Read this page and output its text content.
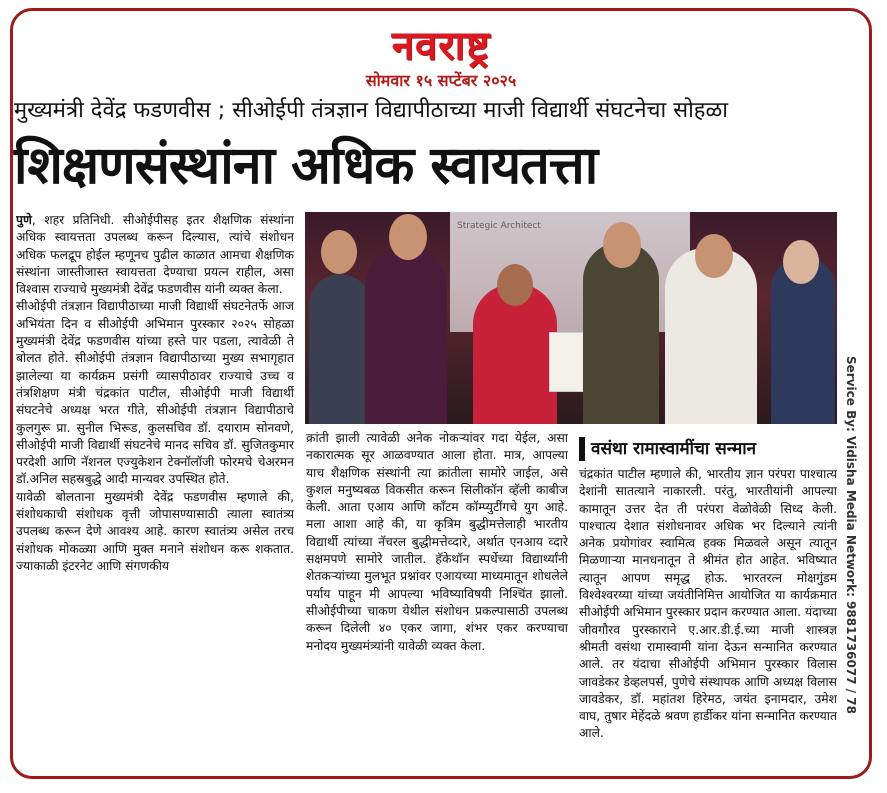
नवराष्ट्र
सोमवार १५ सप्टेंबर २०२५
मुख्यमंत्री देवेंद्र फडणवीस ; सीओईपी तंत्रज्ञान विद्यापीठाच्या माजी विद्यार्थी संघटनेचा सोहळा
शिक्षणसंस्थांना अधिक स्वायतत्ता

पुणे, शहर प्रतिनिधी. सीओईपीसह इतर शैक्षणिक संस्थांना अधिक स्वायत्तता उपलब्ध करून दिल्यास, त्यांचे संशोधन अधिक फलद्रूप होईल म्हणूनच पुढील काळात आमचा शैक्षणिक संस्थांना जास्तीजास्त स्वायत्तता देण्याचा प्रयत्न राहील, असा विश्वास राज्याचे मुख्यमंत्री देवेंद्र फडणवीस यांनी व्यक्त केला.

सीओईपी तंत्रज्ञान विद्यापीठाच्या माजी विद्यार्थी संघटनेतर्फे आज अभियंता दिन व सीओईपी अभिमान पुरस्कार २०२५ सोहळा मुख्यमंत्री देवेंद्र फडणवीस यांच्या हस्ते पार पडला, त्यावेळी ते बोलत होते. सीओईपी तंत्रज्ञान विद्यापीठाच्या मुख्य सभागृहात झालेल्या या कार्यक्रम प्रसंगी व्यासपीठावर राज्याचे उच्च व तंत्रशिक्षण मंत्री चंद्रकांत पाटील, सीओईपी माजी विद्यार्थी संघटनेचे अध्यक्ष भरत गीते, सीओईपी तंत्रज्ञान विद्यापीठाचे कुलगुरू प्रा. सुनील भिरूड, कुलसचिव डॉ. दयाराम सोनवणे, सीओईपी माजी विद्यार्थी संघटनेचे मानद सचिव डॉ. सुजितकुमार परदेशी आणि नॅशनल एज्युकेशन टेक्नॉलॉजी फोरमचे चेअरमन डॉ.अनिल सहस्रबुद्धे आदी मान्यवर उपस्थित होते.

यावेळी बोलताना मुख्यमंत्री देवेंद्र फडणवीस म्हणाले की, संशोधकाची संशोधक वृत्ती जोपासण्यासाठी त्याला स्वातंत्र्य उपलब्ध करून देणे आवश्य आहे. कारण स्वातंत्र्य असेल तरच संशोधक मोकळ्या आणि मुक्त मनाने संशोधन करू शकतात. ज्याकाळी इंटरनेट आणि संगणकीय

Strategic Architect

क्रांती झाली त्यावेळी अनेक नोकऱ्यांवर गदा येईल, असा नकारात्मक सूर आळवण्यात आला होता. मात्र, आपल्या याच शैक्षणिक संस्थांनी त्या क्रांतीला सामोरे जाईल, असे कुशल मनुष्यबळ विकसीत करून सिलीकॉन व्हॅली काबीज केली. आता एआय आणि कॉंटम कॉम्प्युटींगचे युग आहे. मला आशा आहे की, या कृत्रिम बुद्धीमत्तेलाही भारतीय विद्यार्थी त्यांच्या नॅचरल बुद्धीमत्तेव्दारे, अर्थात एनआय व्दारे सक्षमपणे सामोरे जातील. हॅकेथॉन स्पर्धेच्या विद्यार्थ्यांनी शेतकऱ्यांच्या मुलभूत प्रश्नांवर एआयच्या माध्यमातून शोधलेले पर्याय पाहून मी आपल्या भविष्याविषयी निश्चिंत झालो. सीओईपीच्या चाकण येथील संशोधन प्रकल्पासाठी उपलब्ध करून दिलेली ४० एकर जागा, शंभर एकर करण्याचा मनोदय मुख्यमंत्र्यांनी यावेळी व्यक्त केला.

वसंथा रामास्वामींचा सन्मान

चंद्रकांत पाटील म्हणाले की, भारतीय ज्ञान परंपरा पाश्चात्य देशांनी सातत्याने नाकारली. परंतु, भारतीयांनी आपल्या कामातून उत्तर देत ती परंपरा वेळोवेळी सिध्द केली. पाश्चात्य देशात संशोधनावर अधिक भर दिल्याने त्यांनी अनेक प्रयोगांवर स्वामित्व हक्क मिळवले असून त्यातून मिळणाऱ्या मानधनातून ते श्रीमंत होत आहेत. भविष्यात त्यातून आपण समृद्ध होऊ. भारतरत्न मोक्षगुंडम विश्वेश्वरय्या यांच्या जयंतीनिमित्त आयोजित या कार्यक्रमात सीओईपी अभिमान पुरस्कार प्रदान करण्यात आला. यंदाच्या जीवगौरव पुरस्काराने ए.आर.डी.ई.च्या माजी शास्त्रज्ञ श्रीमती वसंथा रामास्वामी यांना देऊन सन्मानित करण्यात आले. तर यंदाचा सीओईपी अभिमान पुरस्कार विलास जावडेकर डेव्हलपर्स, पुणेचे संस्थापक आणि अध्यक्ष विलास जावडेकर, डॉ. महांतश हिरेमठ, जयंत इनामदार, उमेश वाघ, तुषार मेहेंदळे श्रवण हार्डीकर यांना सन्मानित करण्यात आले.

Service By: Vidisha Media Network: 9881736077 / 78
